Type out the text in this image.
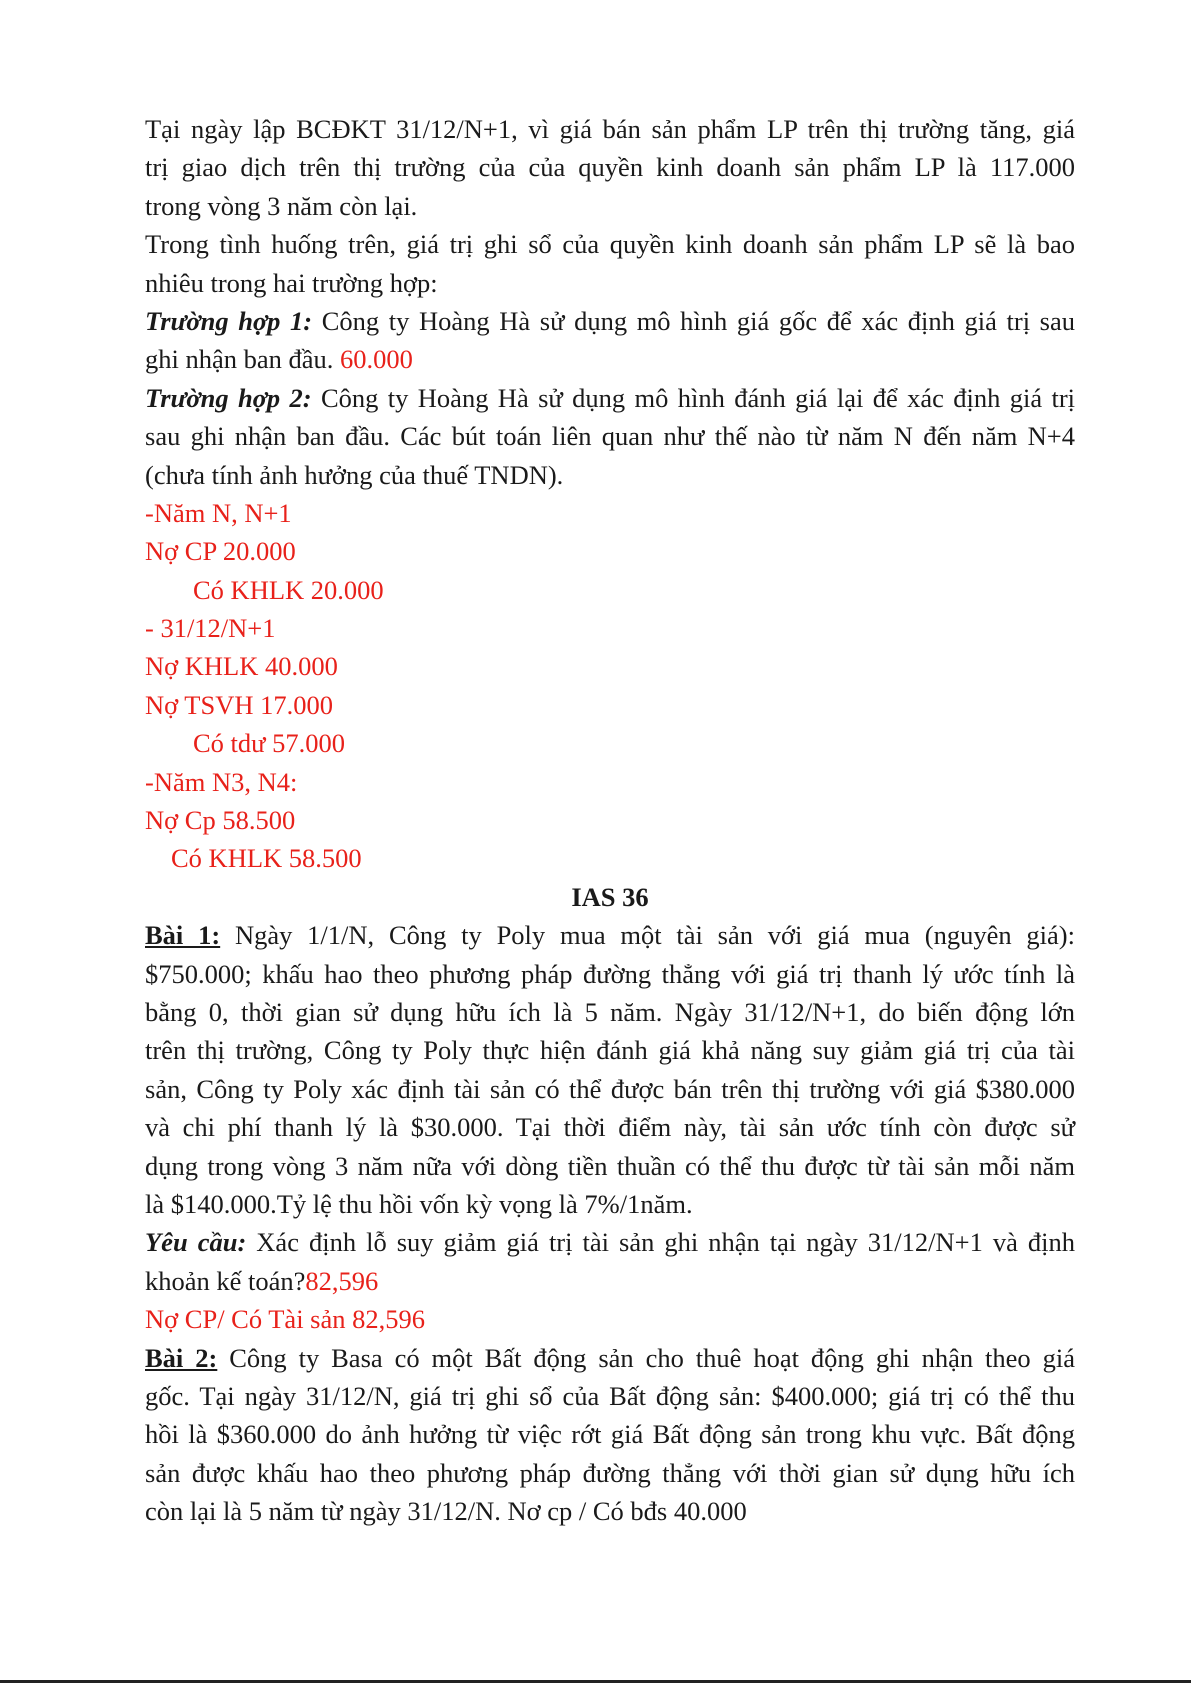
Tại ngày lập BCĐKT 31/12/N+1, vì giá bán sản phẩm LP trên thị trường tăng, giá
trị giao dịch trên thị trường của của quyền kinh doanh sản phẩm LP là 117.000
trong vòng 3 năm còn lại.
Trong tình huống trên, giá trị ghi sổ của quyền kinh doanh sản phẩm LP sẽ là bao
nhiêu trong hai trường hợp:
Trường hợp 1: Công ty Hoàng Hà sử dụng mô hình giá gốc để xác định giá trị sau
ghi nhận ban đầu. 60.000
Trường hợp 2: Công ty Hoàng Hà sử dụng mô hình đánh giá lại để xác định giá trị
sau ghi nhận ban đầu. Các bút toán liên quan như thế nào từ năm N đến năm N+4
(chưa tính ảnh hưởng của thuế TNDN).
-Năm N, N+1
Nợ CP 20.000
Có KHLK 20.000
- 31/12/N+1
Nợ KHLK 40.000
Nợ TSVH 17.000
Có tdư 57.000
-Năm N3, N4:
Nợ Cp 58.500
Có KHLK 58.500
IAS 36
Bài 1: Ngày 1/1/N, Công ty Poly mua một tài sản với giá mua (nguyên giá):
$750.000; khấu hao theo phương pháp đường thẳng với giá trị thanh lý ước tính là
bằng 0, thời gian sử dụng hữu ích là 5 năm. Ngày 31/12/N+1, do biến động lớn
trên thị trường, Công ty Poly thực hiện đánh giá khả năng suy giảm giá trị của tài
sản, Công ty Poly xác định tài sản có thể được bán trên thị trường với giá $380.000
và chi phí thanh lý là $30.000. Tại thời điểm này, tài sản ước tính còn được sử
dụng trong vòng 3 năm nữa với dòng tiền thuần có thể thu được từ tài sản mỗi năm
là $140.000.Tỷ lệ thu hồi vốn kỳ vọng là 7%/1năm.
Yêu cầu: Xác định lỗ suy giảm giá trị tài sản ghi nhận tại ngày 31/12/N+1 và định
khoản kế toán?82,596
Nợ CP/ Có Tài sản 82,596
Bài 2: Công ty Basa có một Bất động sản cho thuê hoạt động ghi nhận theo giá
gốc. Tại ngày 31/12/N, giá trị ghi sổ của Bất động sản: $400.000; giá trị có thể thu
hồi là $360.000 do ảnh hưởng từ việc rớt giá Bất động sản trong khu vực. Bất động
sản được khấu hao theo phương pháp đường thẳng với thời gian sử dụng hữu ích
còn lại là 5 năm từ ngày 31/12/N. Nơ cp / Có bđs 40.000
